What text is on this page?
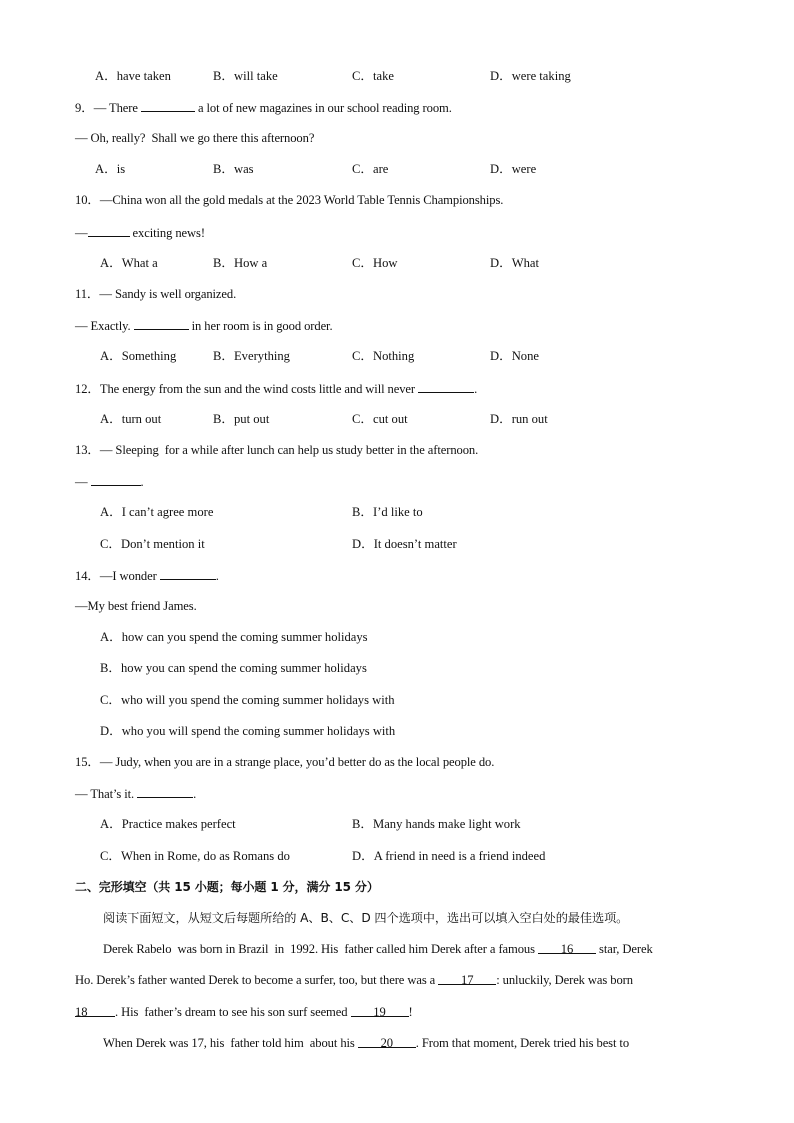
A．have taken	B．will take	C．take	D．were taking
9．— There	a lot of new magazines in our school reading room.
— Oh, really?  Shall we go there this afternoon?
A．is	B．was	C．are	D．were
10．—China won all the gold medals at the 2023 World Table Tennis Championships.
—	exciting news!
A．What a	B．How a	C．How	D．What
11．— Sandy is well organized.
— Exactly.	in her room is in good order.
A．Something	B．Everything	C．Nothing	D．None
12．The energy from the sun and the wind costs little and will never	.
A．turn out	B．put out	C．cut out	D．run out
13．— Sleeping  for a while after lunch can help us study better in the afternoon.
—	.
A．I can’t agree more	B．I’d like to
C．Don’t mention it	D．It doesn’t matter
14．—I wonder	.
—My best friend James.
A．how can you spend the coming summer holidays
B．how you can spend the coming summer holidays
C．who will you spend the coming summer holidays with
D．who you will spend the coming summer holidays with
15．— Judy, when you are in a strange place, you’d better do as the local people do.
— That’s it.	.
A．Practice makes perfect	B．Many hands make light work
C．When in Rome, do as Romans do	D．A friend in need is a friend indeed
二、完形填空（共 15 小题；每小题 1 分，满分 15 分）
阅读下面短文，从短文后每题所给的 A、B、C、D 四个选项中，选出可以填入空白处的最佳选项。
Derek Rabelo  was born in Brazil  in  1992. His  father called him Derek after a famous 16 star, Derek
Ho. Derek’s father wanted Derek to become a surfer, too, but there was a 17 : unluckily, Derek was born
18 . His  father’s dream to see his son surf seemed 19 !
When Derek was 17, his  father told him  about his 20 . From that moment, Derek tried his best to
